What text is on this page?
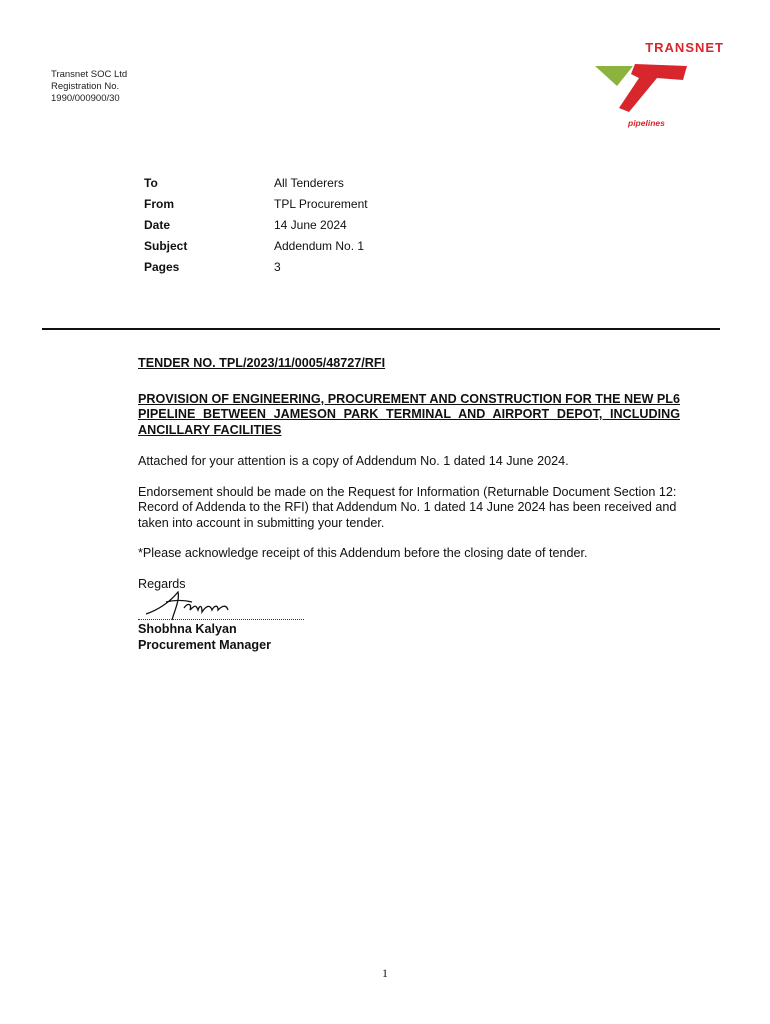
Transnet SOC Ltd
Registration No.
1990/000900/30
TRANSNET
pipelines
To	All Tenderers
From	TPL Procurement
Date	14 June 2024
Subject	Addendum No. 1
Pages	3
TENDER NO. TPL/2023/11/0005/48727/RFI
PROVISION OF ENGINEERING, PROCUREMENT AND CONSTRUCTION FOR THE NEW PL6 PIPELINE BETWEEN JAMESON PARK TERMINAL AND AIRPORT DEPOT, INCLUDING ANCILLARY FACILITIES
Attached for your attention is a copy of Addendum No. 1 dated 14 June 2024.
Endorsement should be made on the Request for Information (Returnable Document Section 12: Record of Addenda to the RFI) that Addendum No. 1 dated 14 June 2024 has been received and taken into account in submitting your tender.
*Please acknowledge receipt of this Addendum before the closing date of tender.
Regards
Shobhna Kalyan
Procurement Manager
1
